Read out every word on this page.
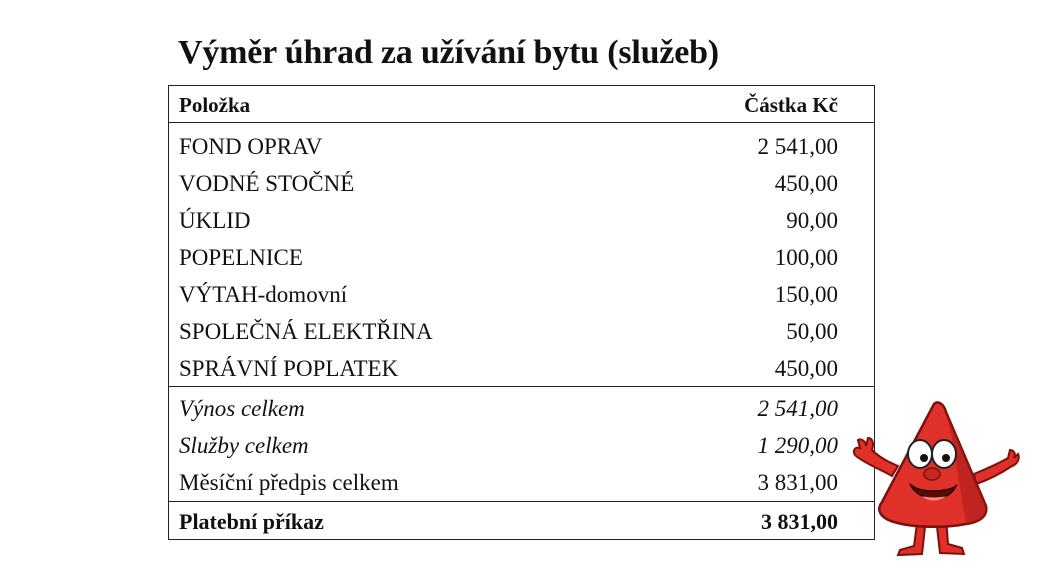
Výměr úhrad za užívání bytu (služeb)
Položka	Částka Kč
FOND OPRAV	2 541,00
VODNÉ STOČNÉ	450,00
ÚKLID	90,00
POPELNICE	100,00
VÝTAH-domovní	150,00
SPOLEČNÁ ELEKTŘINA	50,00
SPRÁVNÍ POPLATEK	450,00
Výnos celkem	2 541,00
Služby celkem	1 290,00
Měsíční předpis celkem	3 831,00
Platební příkaz	3 831,00
